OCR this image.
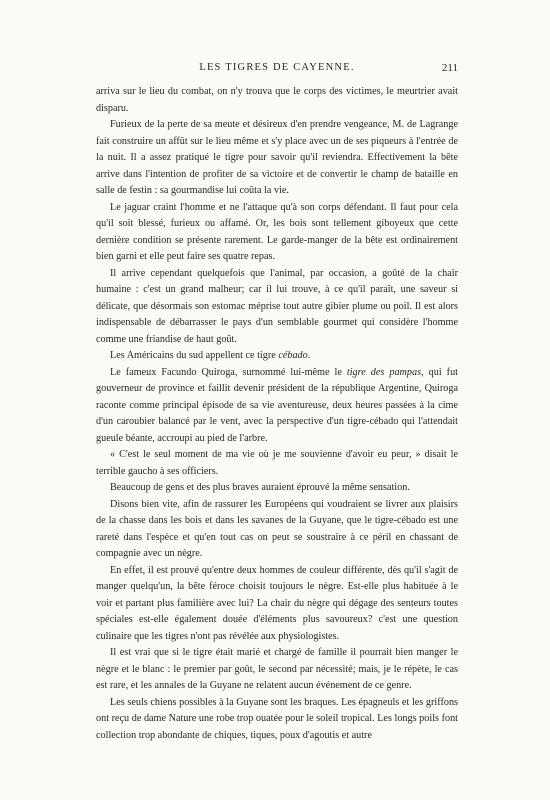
LES TIGRES DE CAYENNE.	211

arriva sur le lieu du combat, on n'y trouva que le corps des victimes, le meurtrier avait disparu.

Furieux de la perte de sa meute et désireux d'en prendre vengeance, M. de Lagrange fait construire un affût sur le lieu même et s'y place avec un de ses piqueurs à l'entrée de la nuit. Il a assez pratiqué le tigre pour savoir qu'il reviendra. Effectivement la bête arrive dans l'intention de profiter de sa victoire et de convertir le champ de bataille en salle de festin : sa gourmandise lui coûta la vie.

Le jaguar craint l'homme et ne l'attaque qu'à son corps défendant. Il faut pour cela qu'il soit blessé, furieux ou affamé. Or, les bois sont tellement giboyeux que cette dernière condition se présente rarement. Le garde-manger de la bête est ordinairement bien garni et elle peut faire ses quatre repas.

Il arrive cependant quelquefois que l'animal, par occasion, a goûté de la chair humaine : c'est un grand malheur; car il lui trouve, à ce qu'il paraît, une saveur si délicate, que désormais son estomac méprise tout autre gibier plume ou poil. Il est alors indispensable de débarrasser le pays d'un semblable gourmet qui considère l'homme comme une friandise de haut goût.

Les Américains du sud appellent ce tigre cébado.

Le fameux Facundo Quiroga, surnommé lui-même le tigre des pampas, qui fut gouverneur de province et faillit devenir président de la république Argentine, Quiroga raconte comme principal épisode de sa vie aventureuse, deux heures passées à la cime d'un caroubier balancé par le vent, avec la perspective d'un tigre-cébado qui l'attendait gueule béante, accroupi au pied de l'arbre.

« C'est le seul moment de ma vie où je me souvienne d'avoir eu peur, » disait le terrible gaucho à ses officiers.

Beaucoup de gens et des plus braves auraient éprouvé la même sensation.

Disons bien vite, afin de rassurer les Européens qui voudraient se livrer aux plaisirs de la chasse dans les bois et dans les savanes de la Guyane, que le tigre-cébado est une rareté dans l'espèce et qu'en tout cas on peut se soustraire à ce péril en chassant de compagnie avec un nègre.

En effet, il est prouvé qu'entre deux hommes de couleur différente, dès qu'il s'agit de manger quelqu'un, la bête féroce choisit toujours le nègre. Est-elle plus habituée à le voir et partant plus familière avec lui? La chair du nègre qui dégage des senteurs toutes spéciales est-elle également douée d'éléments plus savoureux? c'est une question culinaire que les tigres n'ont pas révélée aux physiologistes.

Il est vrai que si le tigre était marié et chargé de famille il pourrait bien manger le nègre et le blanc : le premier par goût, le second par nécessité; mais, je le répète, le cas est rare, et les annales de la Guyane ne relatent aucun événement de ce genre.

Les seuls chiens possibles à la Guyane sont les braques. Les épagneuls et les griffons ont reçu de dame Nature une robe trop ouatée pour le soleil tropical. Les longs poils font collection trop abondante de chiques, tiques, poux d'agoutis et autre
